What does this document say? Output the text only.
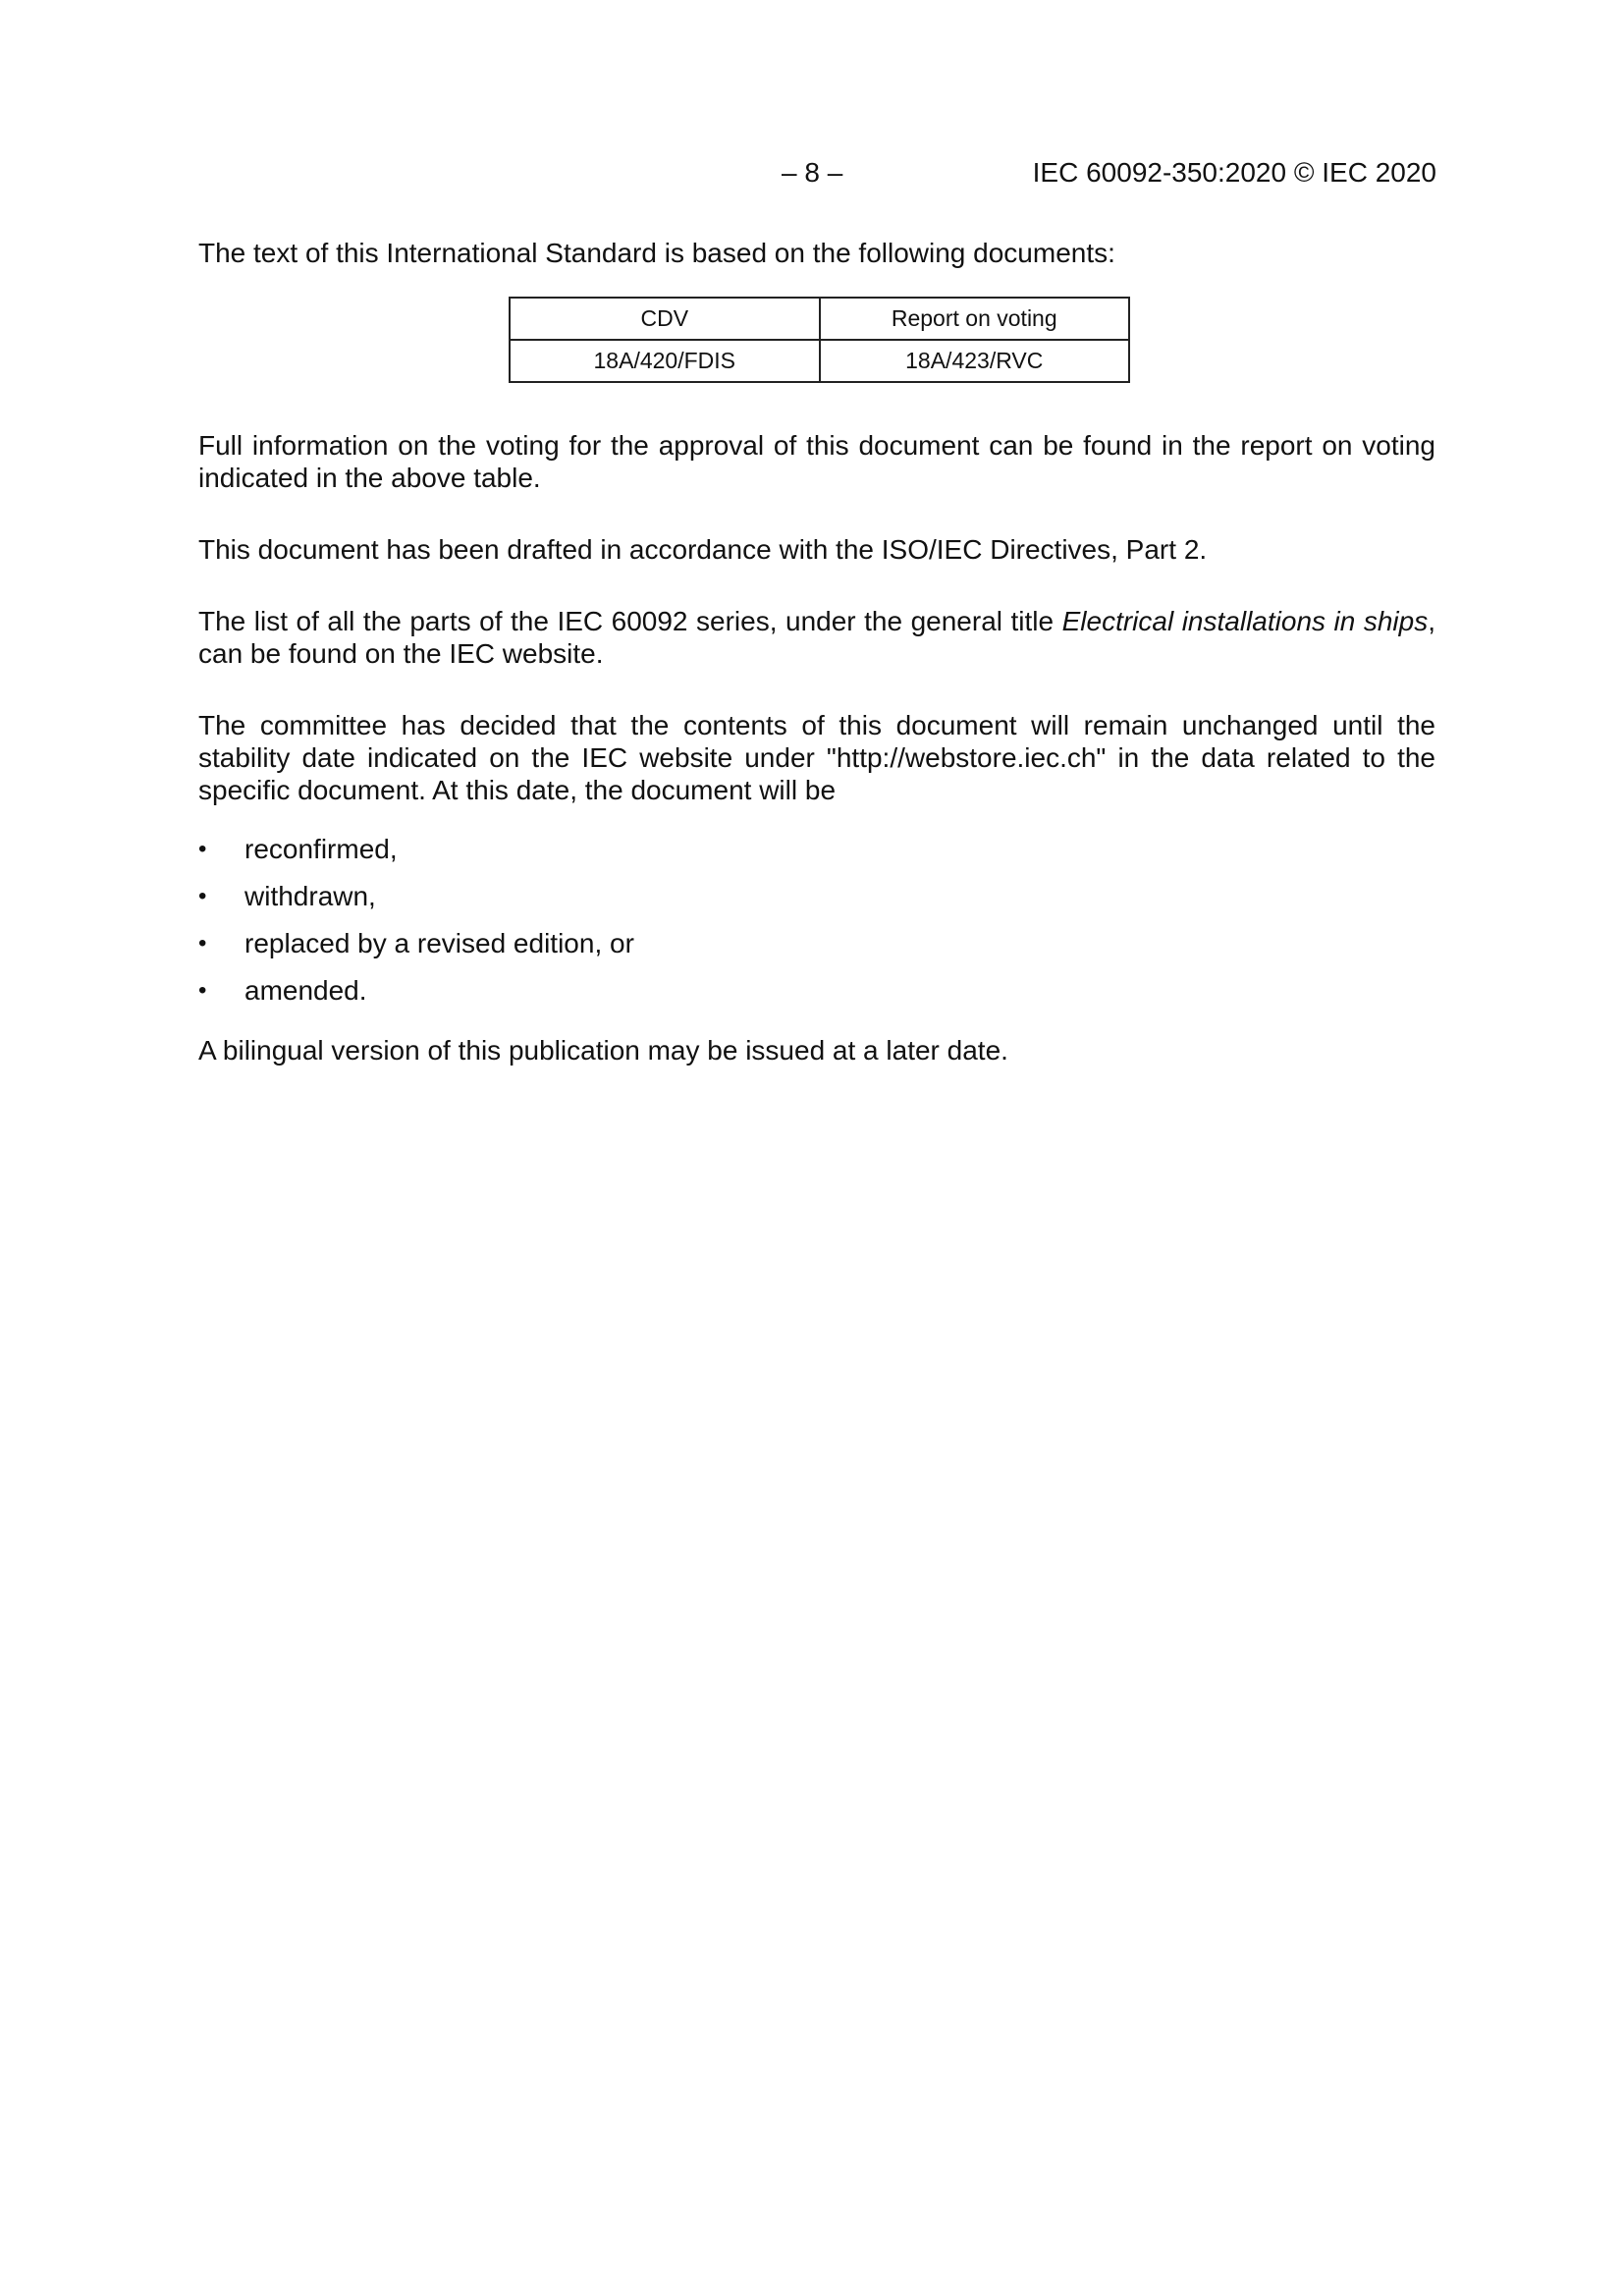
– 8 –	IEC 60092-350:2020 © IEC 2020

The text of this International Standard is based on the following documents:

CDV	Report on voting
18A/420/FDIS	18A/423/RVC

Full information on the voting for the approval of this document can be found in the report on voting indicated in the above table.

This document has been drafted in accordance with the ISO/IEC Directives, Part 2.

The list of all the parts of the IEC 60092 series, under the general title Electrical installations in ships, can be found on the IEC website.

The committee has decided that the contents of this document will remain unchanged until the stability date indicated on the IEC website under "http://webstore.iec.ch" in the data related to the specific document. At this date, the document will be

• reconfirmed,
• withdrawn,
• replaced by a revised edition, or
• amended.

A bilingual version of this publication may be issued at a later date.
